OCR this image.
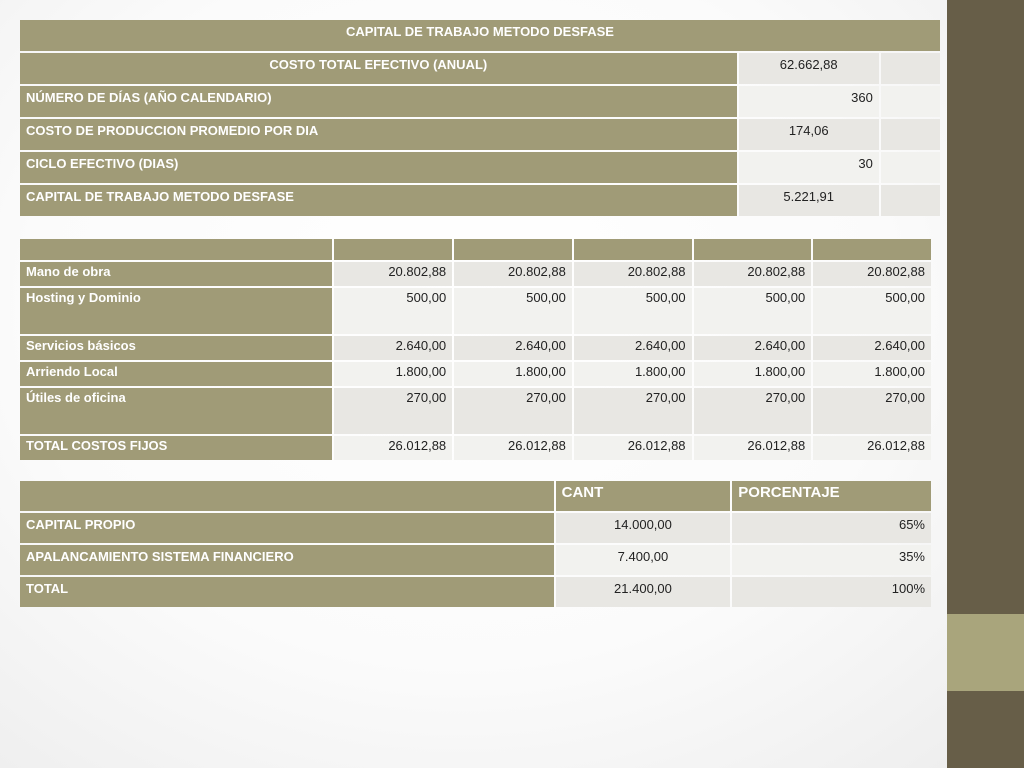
CAPITAL DE TRABAJO METODO DESFASE		
COSTO TOTAL EFECTIVO (ANUAL)	62.662,88	
NÚMERO DE DÍAS (AÑO CALENDARIO)	360	
COSTO DE PRODUCCION PROMEDIO POR DIA	174,06	
CICLO EFECTIVO (DIAS)	30	
CAPITAL DE TRABAJO METODO DESFASE	5.221,91	

Mano de obra	20.802,88	20.802,88	20.802,88	20.802,88	20.802,88
Hosting y Dominio	500,00	500,00	500,00	500,00	500,00
Servicios básicos	2.640,00	2.640,00	2.640,00	2.640,00	2.640,00
Arriendo Local	1.800,00	1.800,00	1.800,00	1.800,00	1.800,00
Útiles de oficina	270,00	270,00	270,00	270,00	270,00
TOTAL COSTOS FIJOS	26.012,88	26.012,88	26.012,88	26.012,88	26.012,88
	CANT	PORCENTAJE
CAPITAL PROPIO	14.000,00	65%
APALANCAMIENTO SISTEMA FINANCIERO	7.400,00	35%
TOTAL	21.400,00	100%
